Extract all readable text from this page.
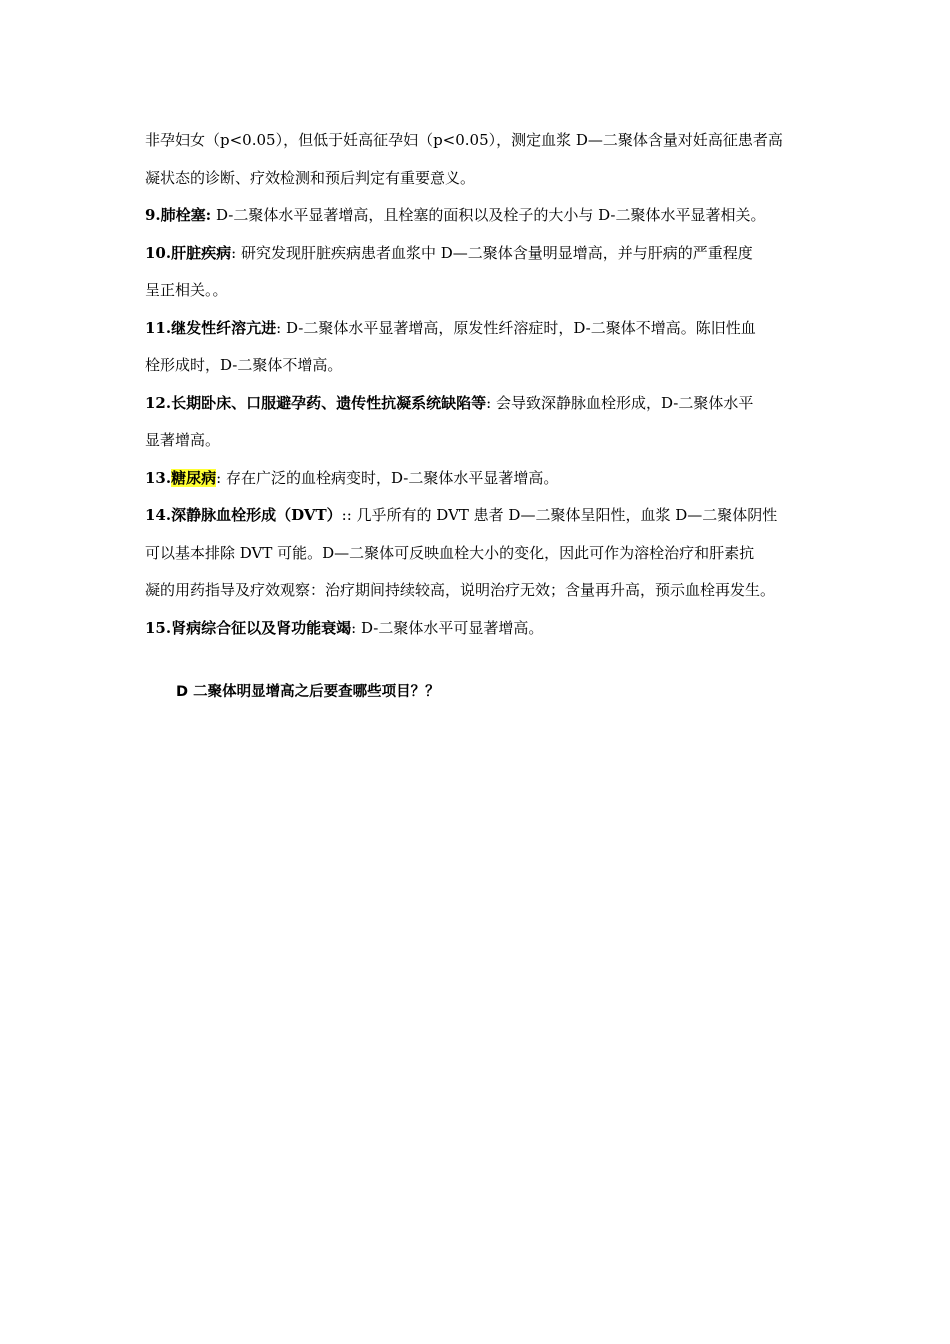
非孕妇女（p<0.05），但低于妊高征孕妇（p<0.05），测定血浆 D—二聚体含量对妊高征患者高
凝状态的诊断、疗效检测和预后判定有重要意义。

9.肺栓塞: D-二聚体水平显著增高，且栓塞的面积以及栓子的大小与 D-二聚体水平显著相关。

10.肝脏疾病: 研究发现肝脏疾病患者血浆中 D—二聚体含量明显增高，并与肝病的严重程度
呈正相关。。

11.继发性纤溶亢进: D-二聚体水平显著增高，原发性纤溶症时，D-二聚体不增高。陈旧性血
栓形成时，D-二聚体不增高。

12.长期卧床、口服避孕药、遗传性抗凝系统缺陷等: 会导致深静脉血栓形成，D-二聚体水平
显著增高。

13.糖尿病: 存在广泛的血栓病变时，D-二聚体水平显著增高。

14.深静脉血栓形成（DVT）:: 几乎所有的 DVT 患者 D—二聚体呈阳性，血浆 D—二聚体阴性
可以基本排除 DVT 可能。D—二聚体可反映血栓大小的变化，因此可作为溶栓治疗和肝素抗
凝的用药指导及疗效观察：治疗期间持续较高，说明治疗无效；含量再升高，预示血栓再发生。

15.肾病综合征以及肾功能衰竭: D-二聚体水平可显著增高。

D 二聚体明显增高之后要查哪些项目？？
